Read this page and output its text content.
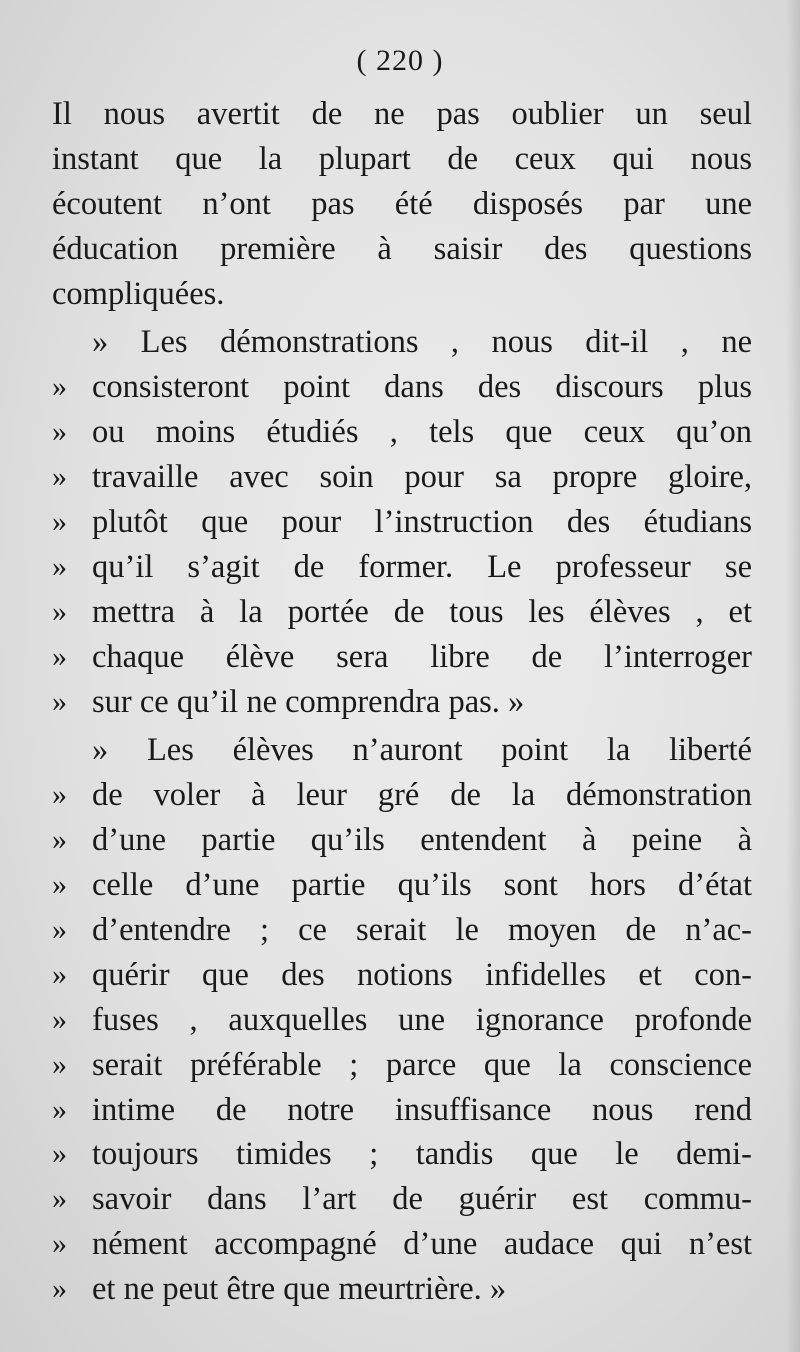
( 220 )
Il nous avertit de ne pas oublier un seul
instant que la plupart de ceux qui nous
écoutent n’ont pas été disposés par une
éducation première à saisir des questions
compliquées.
» Les démonstrations , nous dit-il , ne
» consisteront point dans des discours plus
» ou moins étudiés , tels que ceux qu’on
» travaille avec soin pour sa propre gloire,
» plutôt que pour l’instruction des étudians
» qu’il s’agit de former. Le professeur se
» mettra à la portée de tous les élèves , et
» chaque élève sera libre de l’interroger
» sur ce qu’il ne comprendra pas. »
» Les élèves n’auront point la liberté
» de voler à leur gré de la démonstration
» d’une partie qu’ils entendent à peine à
» celle d’une partie qu’ils sont hors d’état
» d’entendre ; ce serait le moyen de n’ac-
» quérir que des notions infidelles et con-
» fuses , auxquelles une ignorance profonde
» serait préférable ; parce que la conscience
» intime de notre insuffisance nous rend
» toujours timides ; tandis que le demi-
» savoir dans l’art de guérir est commu-
» nément accompagné d’une audace qui n’est
» et ne peut être que meurtrière. »
